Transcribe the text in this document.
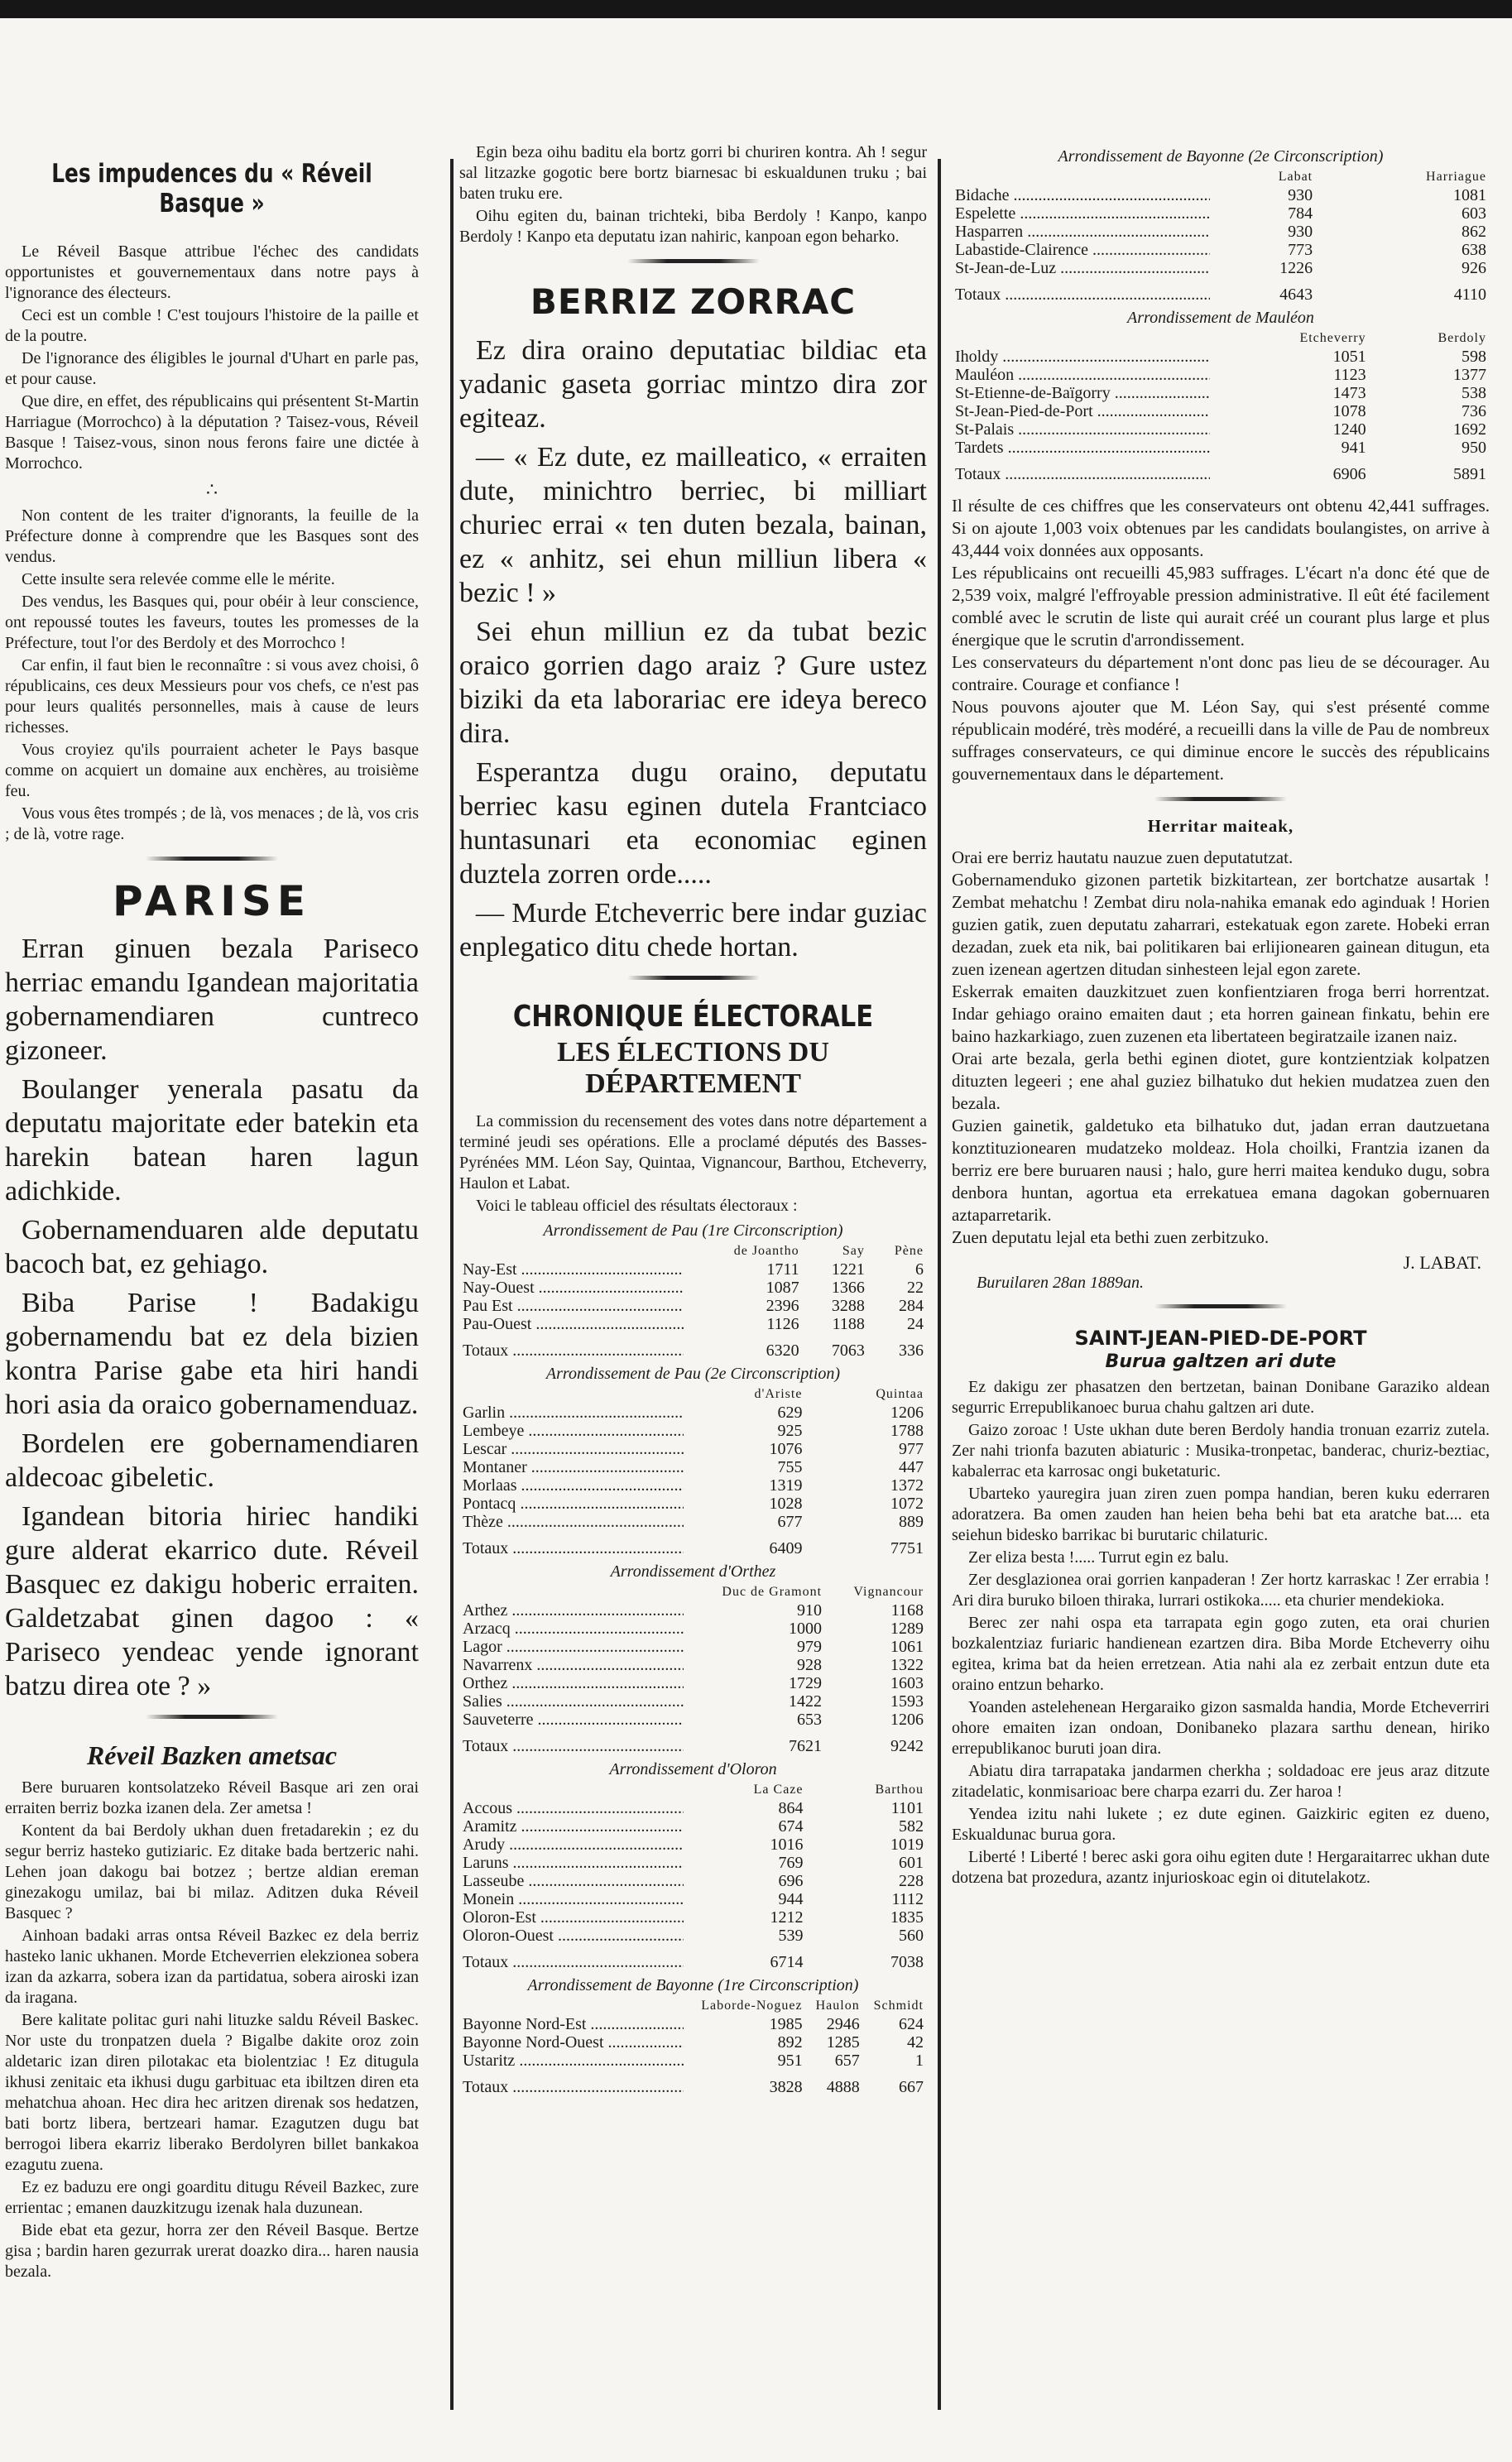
Les impudences du « Réveil Basque »

Le Réveil Basque attribue l'échec des candidats opportunistes et gouvernementaux dans notre pays à l'ignorance des électeurs.

Ceci est un comble ! C'est toujours l'histoire de la paille et de la poutre.

De l'ignorance des éligibles le journal d'Uhart en parle pas, et pour cause.

Que dire, en effet, des républicains qui présentent St-Martin Harriague (Morrochco) à la députation ? Taisez-vous, Réveil Basque ! Taisez-vous, sinon nous ferons faire une dictée à Morrochco.

∴

Non content de les traiter d'ignorants, la feuille de la Préfecture donne à comprendre que les Basques sont des vendus.

Cette insulte sera relevée comme elle le mérite.

Des vendus, les Basques qui, pour obéir à leur conscience, ont repoussé toutes les faveurs, toutes les promesses de la Préfecture, tout l'or des Berdoly et des Morrochco !

Car enfin, il faut bien le reconnaître : si vous avez choisi, ô républicains, ces deux Messieurs pour vos chefs, ce n'est pas pour leurs qualités personnelles, mais à cause de leurs richesses.

Vous croyiez qu'ils pourraient acheter le Pays basque comme on acquiert un domaine aux enchères, au troisième feu.

Vous vous êtes trompés ; de là, vos menaces ; de là, vos cris ; de là, votre rage.

PARISE

Erran ginuen bezala Pariseco herriac emandu Igandean majoritatia gobernamendiaren cuntreco gizoneer.

Boulanger yenerala pasatu da deputatu majoritate eder batekin eta harekin batean haren lagun adichkide.

Gobernamenduaren alde deputatu bacoch bat, ez gehiago.

Biba Parise ! Badakigu gobernamendu bat ez dela bizien kontra Parise gabe eta hiri handi hori asia da oraico gobernamenduaz.

Bordelen ere gobernamendiaren aldecoac gibeletic.

Igandean bitoria hiriec handiki gure alderat ekarrico dute. Réveil Basquec ez dakigu hoberic erraiten. Galdetzabat ginen dagoo : « Pariseco yendeac yende ignorant batzu direa ote ? »

Réveil Bazken ametsac

Bere buruaren kontsolatzeko Réveil Basque ari zen orai erraiten berriz bozka izanen dela. Zer ametsa !

Kontent da bai Berdoly ukhan duen fretadarekin ; ez du segur berriz hasteko gutiziaric. Ez ditake bada bertzeric nahi. Lehen joan dakogu bai botzez ; bertze aldian ereman ginezakogu umilaz, bai bi milaz. Aditzen duka Réveil Basquec ?

Ainhoan badaki arras ontsa Réveil Bazkec ez dela berriz hasteko lanic ukhanen. Morde Etcheverrien elekzionea sobera izan da azkarra, sobera izan da partidatua, sobera airoski izan da iragana.

Bere kalitate politac guri nahi lituzke saldu Réveil Baskec. Nor uste du tronpatzen duela ? Bigalbe dakite oroz zoin aldetaric izan diren pilotakac eta biolentziac ! Ez ditugula ikhusi zenitaic eta ikhusi dugu garbituac eta ibiltzen diren eta mehatchua ahoan. Hec dira hec aritzen direnak sos hedatzen, bati bortz libera, bertzeari hamar. Ezagutzen dugu bat berrogoi libera ekarriz liberako Berdolyren billet bankakoa ezagutu zuena.

Ez ez baduzu ere ongi goarditu ditugu Réveil Bazkec, zure errientac ; emanen dauzkitzugu izenak hala duzunean.

Bide ebat eta gezur, horra zer den Réveil Basque. Bertze gisa ; bardin haren gezurrak urerat doazko dira... haren nausia bezala.

Egin beza oihu baditu ela bortz gorri bi churiren kontra. Ah ! segur sal litzazke gogotic bere bortz biarnesac bi eskualdunen truku ; bai baten truku ere.

Oihu egiten du, bainan trichteki, biba Berdoly ! Kanpo, kanpo Berdoly ! Kanpo eta deputatu izan nahiric, kanpoan egon beharko.

BERRIZ ZORRAC

Ez dira oraino deputatiac bildiac eta yadanic gaseta gorriac mintzo dira zor egiteaz.

— « Ez dute, ez mailleatico, « erraiten dute, minichtro berriec, bi milliart churiec errai « ten duten bezala, bainan, ez « anhitz, sei ehun milliun libera « bezic ! »

Sei ehun milliun ez da tubat bezic oraico gorrien dago araiz ? Gure ustez biziki da eta laborariac ere ideya bereco dira.

Esperantza dugu oraino, deputatu berriec kasu eginen dutela Frantciaco huntasunari eta economiac eginen duztela zorren orde.....

— Murde Etcheverric bere indar guziac enplegatico ditu chede hortan.

CHRONIQUE ÉLECTORALE
LES ÉLECTIONS DU DÉPARTEMENT

La commission du recensement des votes dans notre département a terminé jeudi ses opérations. Elle a proclamé députés des Basses-Pyrénées MM. Léon Say, Quintaa, Vignancour, Barthou, Etcheverry, Haulon et Labat.

Voici le tableau officiel des résultats électoraux :

Arrondissement de Pau (1re Circonscription)
	de Joantho	Say	Pène
Nay-Est .....	1711	1221	6
Nay-Ouest .....	1087	1366	22
Pau Est .....	2396	3288	284
Pau-Ouest .....	1126	1188	24
Totaux .....	6320	7063	336
Arrondissement de Pau (2e Circonscription)
	d'Ariste	Quintaa
Garlin .....	629	1206
Lembeye .....	925	1788
Lescar .....	1076	977
Montaner .....	755	447
Morlaas .....	1319	1372
Pontacq .....	1028	1072
Thèze .....	677	889
Totaux .....	6409	7751
Arrondissement d'Orthez
	Duc de Gramont	Vignancour
Arthez .....	910	1168
Arzacq .....	1000	1289
Lagor .....	979	1061
Navarrenx .....	928	1322
Orthez .....	1729	1603
Salies .....	1422	1593
Sauveterre .....	653	1206
Totaux .....	7621	9242
Arrondissement d'Oloron
	La Caze	Barthou
Accous .....	864	1101
Aramitz .....	674	582
Arudy .....	1016	1019
Laruns .....	769	601
Lasseube .....	696	228
Monein .....	944	1112
Oloron-Est .....	1212	1835
Oloron-Ouest .....	539	560
Totaux .....	6714	7038
Arrondissement de Bayonne (1re Circonscription)
	Laborde-Noguez	Haulon	Schmidt
Bayonne Nord-Est .....	1985	2946	624
Bayonne Nord-Ouest .....	892	1285	42
Ustaritz .....	951	657	1
Totaux .....	3828	4888	667
Arrondissement de Bayonne (2e Circonscription)
	Labat	Harriague
Bidache .....	930	1081
Espelette .....	784	603
Hasparren .....	930	862
Labastide-Clairence .....	773	638
St-Jean-de-Luz .....	1226	926
Totaux .....	4643	4110
Arrondissement de Mauléon
	Etcheverry	Berdoly
Iholdy .....	1051	598
Mauléon .....	1123	1377
St-Etienne-de-Baïgorry .....	1473	538
St-Jean-Pied-de-Port .....	1078	736
St-Palais .....	1240	1692
Tardets .....	941	950
Totaux .....	6906	5891

Il résulte de ces chiffres que les conservateurs ont obtenu 42,441 suffrages. Si on ajoute 1,003 voix obtenues par les candidats boulangistes, on arrive à 43,444 voix données aux opposants.

Les républicains ont recueilli 45,983 suffrages. L'écart n'a donc été que de 2,539 voix, malgré l'effroyable pression administrative. Il eût été facilement comblé avec le scrutin de liste qui aurait créé un courant plus large et plus énergique que le scrutin d'arrondissement.

Les conservateurs du département n'ont donc pas lieu de se décourager. Au contraire. Courage et confiance !

Nous pouvons ajouter que M. Léon Say, qui s'est présenté comme républicain modéré, très modéré, a recueilli dans la ville de Pau de nombreux suffrages conservateurs, ce qui diminue encore le succès des républicains gouvernementaux dans le département.

Herritar maiteak,

Orai ere berriz hautatu nauzue zuen deputatutzat.

Gobernamenduko gizonen partetik bizkitartean, zer bortchatze ausartak ! Zembat mehatchu ! Zembat diru nola-nahika emanak edo aginduak ! Horien guzien gatik, zuen deputatu zaharrari, estekatuak egon zarete. Hobeki erran dezadan, zuek eta nik, bai politikaren bai erlijionearen gainean ditugun, eta zuen izenean agertzen ditudan sinhesteen lejal egon zarete.

Eskerrak emaiten dauzkitzuet zuen konfientziaren froga berri horrentzat. Indar gehiago oraino emaiten daut ; eta horren gainean finkatu, behin ere baino hazkarkiago, zuen zuzenen eta libertateen begiratzaile izanen naiz.

Orai arte bezala, gerla bethi eginen diotet, gure kontzientziak kolpatzen dituzten legeeri ; ene ahal guziez bilhatuko dut hekien mudatzea zuen den bezala.

Guzien gainetik, galdetuko eta bilhatuko dut, jadan erran dautzuetana konztituzionearen mudatzeko moldeaz. Hola choilki, Frantzia izanen da berriz ere bere buruaren nausi ; halo, gure herri maitea kenduko dugu, sobra denbora huntan, agortua eta errekatuea emana dagokan gobernuaren aztaparretarik.

Zuen deputatu lejal eta bethi zuen zerbitzuko.

J. LABAT.

Buruilaren 28an 1889an.

SAINT-JEAN-PIED-DE-PORT
Burua galtzen ari dute

Ez dakigu zer phasatzen den bertzetan, bainan Donibane Garaziko aldean segurric Errepublikanoec burua chahu galtzen ari dute.

Gaizo zoroac ! Uste ukhan dute beren Berdoly handia tronuan ezarriz zutela. Zer nahi trionfa bazuten abiaturic : Musika-tronpetac, banderac, churiz-beztiac, kabalerrac eta karrosac ongi buketaturic.

Ubarteko yauregira juan ziren zuen pompa handian, beren kuku ederraren adoratzera. Ba omen zauden han heien beha behi bat eta aratche bat.... eta seiehun bidesko barrikac bi burutaric chilaturic.

Zer eliza besta !..... Turrut egin ez balu.

Zer desglazionea orai gorrien kanpaderan ! Zer hortz karraskac ! Zer errabia ! Ari dira buruko biloen thiraka, lurrari ostikoka..... eta churier mendekioka.

Berec zer nahi ospa eta tarrapata egin gogo zuten, eta orai churien bozkalentziaz furiaric handienean ezartzen dira. Biba Morde Etcheverry oihu egitea, krima bat da heien erretzean. Atia nahi ala ez zerbait entzun dute eta oraino entzun beharko.

Yoanden astelehenean Hergaraiko gizon sasmalda handia, Morde Etcheverriri ohore emaiten izan ondoan, Donibaneko plazara sarthu denean, hiriko errepublikanoc buruti joan dira.

Abiatu dira tarrapataka jandarmen cherkha ; soldadoac ere jeus araz ditzute zitadelatic, konmisarioac bere charpa ezarri du. Zer haroa !

Yendea izitu nahi lukete ; ez dute eginen. Gaizkiric egiten ez dueno, Eskualdunac burua gora.

Liberté ! Liberté ! berec aski gora oihu egiten dute ! Hergaraitarrec ukhan dute dotzena bat prozedura, azantz injurioskoac egin oi ditutelakotz.
